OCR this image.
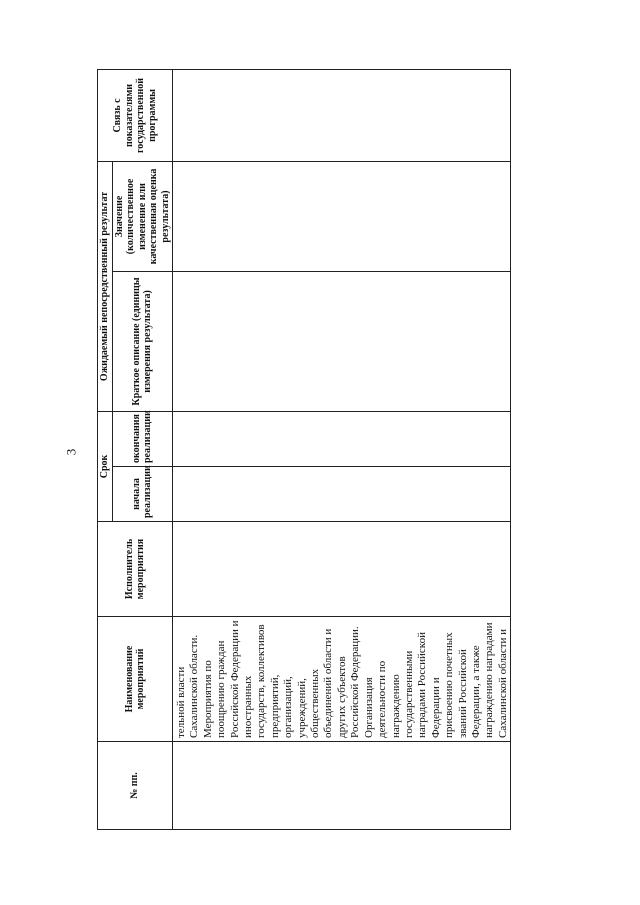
3
№ пп.	Наименование мероприятий	Исполнитель мероприятия	Срок		Ожидаемый непосредственный результат		Связь с показателями государственной программы
			начала реализации	окончания реализации	Краткое описание (единицы измерения результата)	Значение (количественное изменение или качественная оценка результата)	

	тельной власти Сахалинской области. Мероприятия по поощрению граждан Российской Федерации и иностранных государств, коллективов предприятий, организаций, учреждений, общественных объединений области и других субъектов Российской Федерации. Организация деятельности по награждению государственными наградами Российской Федерации и присвоению почетных званий Российской Федерации, а также награждению наградами Сахалинской области и						
